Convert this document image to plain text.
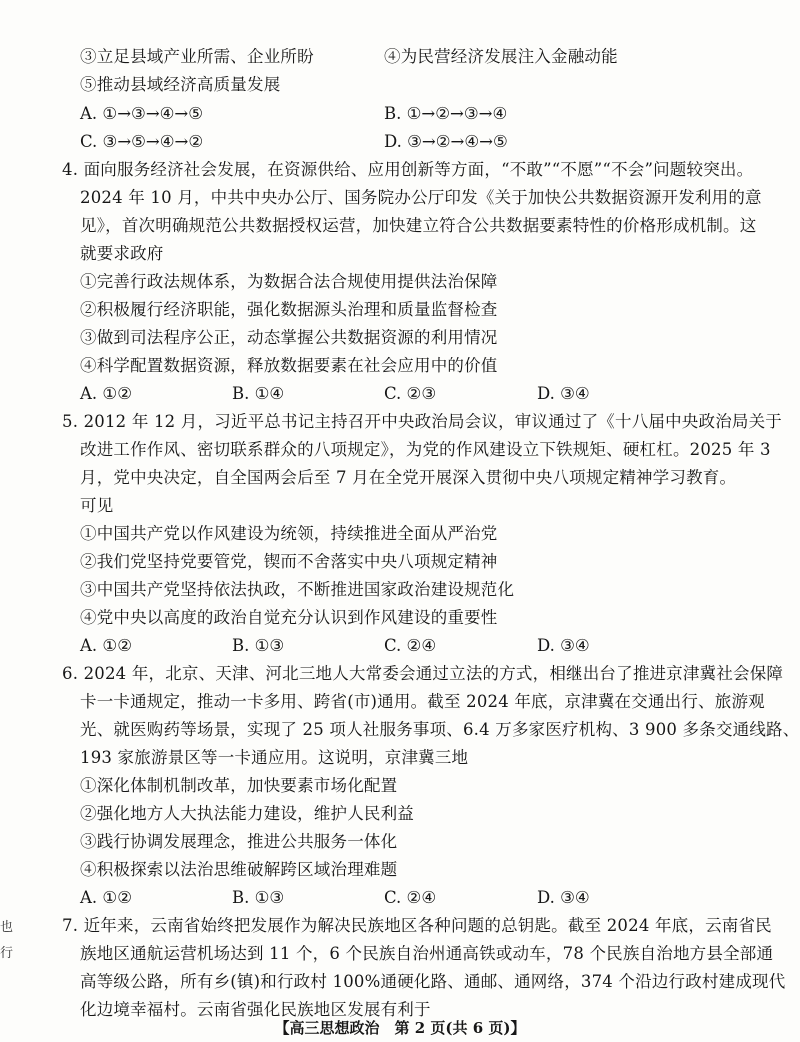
③立足县域产业所需、企业所盼	④为民营经济发展注入金融动能
⑤推动县域经济高质量发展
A. ①→③→④→⑤	B. ①→②→③→④
C. ③→⑤→④→②	D. ③→②→④→⑤
4. 面向服务经济社会发展，在资源供给、应用创新等方面，“不敢”“不愿”“不会”问题较突出。
2024 年 10 月，中共中央办公厅、国务院办公厅印发《关于加快公共数据资源开发利用的意
见》，首次明确规范公共数据授权运营，加快建立符合公共数据要素特性的价格形成机制。这
就要求政府
①完善行政法规体系，为数据合法合规使用提供法治保障
②积极履行经济职能，强化数据源头治理和质量监督检查
③做到司法程序公正，动态掌握公共数据资源的利用情况
④科学配置数据资源，释放数据要素在社会应用中的价值
A. ①②	B. ①④	C. ②③	D. ③④
5. 2012 年 12 月，习近平总书记主持召开中央政治局会议，审议通过了《十八届中央政治局关于
改进工作作风、密切联系群众的八项规定》，为党的作风建设立下铁规矩、硬杠杠。2025 年 3
月，党中央决定，自全国两会后至 7 月在全党开展深入贯彻中央八项规定精神学习教育。
可见
①中国共产党以作风建设为统领，持续推进全面从严治党
②我们党坚持党要管党，锲而不舍落实中央八项规定精神
③中国共产党坚持依法执政，不断推进国家政治建设规范化
④党中央以高度的政治自觉充分认识到作风建设的重要性
A. ①②	B. ①③	C. ②④	D. ③④
6. 2024 年，北京、天津、河北三地人大常委会通过立法的方式，相继出台了推进京津冀社会保障
卡一卡通规定，推动一卡多用、跨省(市)通用。截至 2024 年底，京津冀在交通出行、旅游观
光、就医购药等场景，实现了 25 项人社服务事项、6.4 万多家医疗机构、3 900 多条交通线路、
193 家旅游景区等一卡通应用。这说明，京津冀三地
①深化体制机制改革，加快要素市场化配置
②强化地方人大执法能力建设，维护人民利益
③践行协调发展理念，推进公共服务一体化
④积极探索以法治思维破解跨区域治理难题
A. ①②	B. ①③	C. ②④	D. ③④
7. 近年来，云南省始终把发展作为解决民族地区各种问题的总钥匙。截至 2024 年底，云南省民
族地区通航运营机场达到 11 个，6 个民族自治州通高铁或动车，78 个民族自治地方县全部通
高等级公路，所有乡(镇)和行政村 100%通硬化路、通邮、通网络，374 个沿边行政村建成现代
化边境幸福村。云南省强化民族地区发展有利于
也
行
【高三思想政治　第 2 页(共 6 页)】
